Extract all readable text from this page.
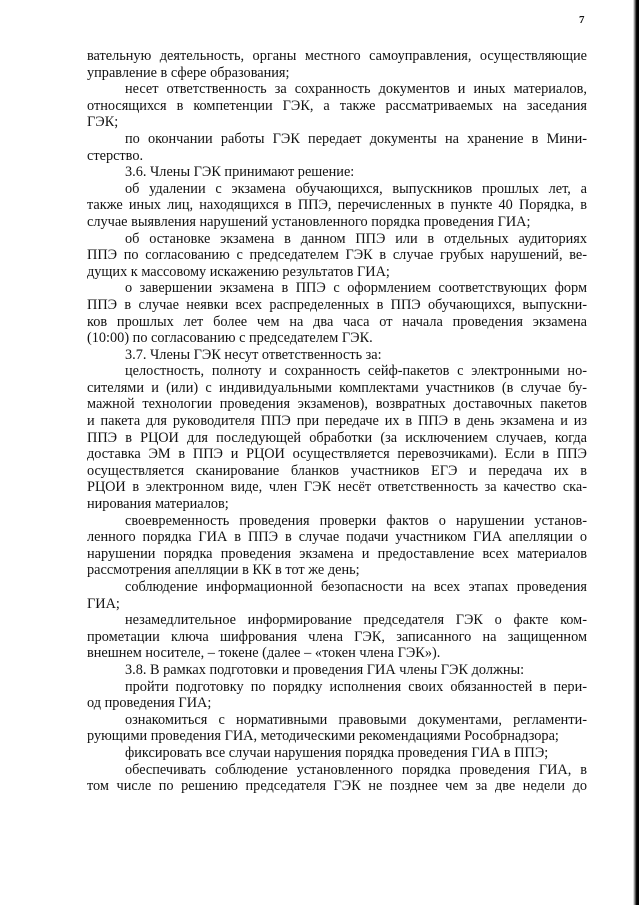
7
вательную деятельность, органы местного самоуправления, осуществляющие
управление в сфере образования;
несет ответственность за сохранность документов и иных материалов,
относящихся в компетенции ГЭК, а также рассматриваемых на заседания
ГЭК;
по окончании работы ГЭК передает документы на хранение в Мини-
стерство.
3.6. Члены ГЭК принимают решение:
об удалении с экзамена обучающихся, выпускников прошлых лет, а
также иных лиц, находящихся в ППЭ, перечисленных в пункте 40 Порядка, в
случае выявления нарушений установленного порядка проведения ГИА;
об остановке экзамена в данном ППЭ или в отдельных аудиториях
ППЭ по согласованию с председателем ГЭК в случае грубых нарушений, ве-
дущих к массовому искажению результатов ГИА;
о завершении экзамена в ППЭ с оформлением соответствующих форм
ППЭ в случае неявки всех распределенных в ППЭ обучающихся, выпускни-
ков прошлых лет более чем на два часа от начала проведения экзамена
(10:00) по согласованию с председателем ГЭК.
3.7. Члены ГЭК несут ответственность за:
целостность, полноту и сохранность сейф-пакетов с электронными но-
сителями и (или) с индивидуальными комплектами участников (в случае бу-
мажной технологии проведения экзаменов), возвратных доставочных пакетов
и пакета для руководителя ППЭ при передаче их в ППЭ в день экзамена и из
ППЭ в РЦОИ для последующей обработки (за исключением случаев, когда
доставка ЭМ в ППЭ и РЦОИ осуществляется перевозчиками). Если в ППЭ
осуществляется сканирование бланков участников ЕГЭ и передача их в
РЦОИ в электронном виде, член ГЭК несёт ответственность за качество ска-
нирования материалов;
своевременность проведения проверки фактов о нарушении установ-
ленного порядка ГИА в ППЭ в случае подачи участником ГИА апелляции о
нарушении порядка проведения экзамена и предоставление всех материалов
рассмотрения апелляции в КК в тот же день;
соблюдение информационной безопасности на всех этапах проведения
ГИА;
незамедлительное информирование председателя ГЭК о факте ком-
прометации ключа шифрования члена ГЭК, записанного на защищенном
внешнем носителе, – токене (далее – «токен члена ГЭК»).
3.8. В рамках подготовки и проведения ГИА члены ГЭК должны:
пройти подготовку по порядку исполнения своих обязанностей в пери-
од проведения ГИА;
ознакомиться с нормативными правовыми документами, регламенти-
рующими проведения ГИА, методическими рекомендациями Рособрнадзора;
фиксировать все случаи нарушения порядка проведения ГИА в ППЭ;
обеспечивать соблюдение установленного порядка проведения ГИА, в
том числе по решению председателя ГЭК не позднее чем за две недели до
